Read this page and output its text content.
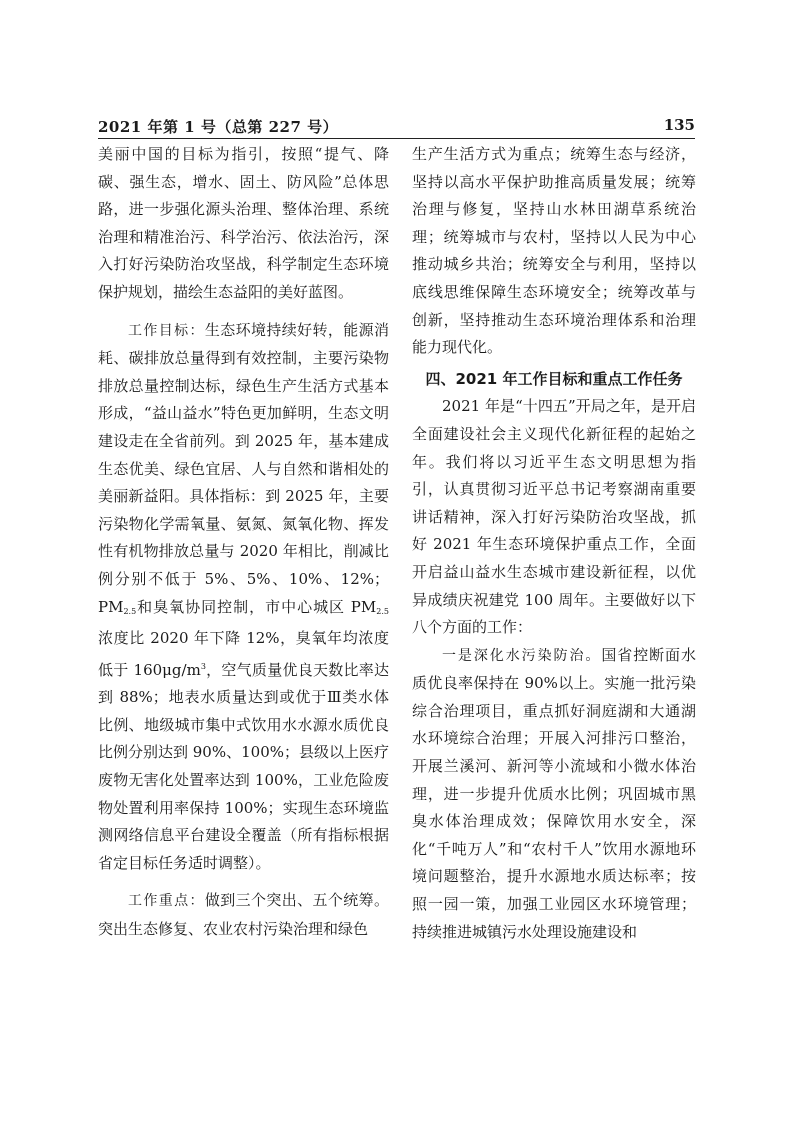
2021 年第 1 号（总第 227 号）	135

美丽中国的目标为指引，按照“提气、降碳、强生态，增水、固土、防风险”总体思路，进一步强化源头治理、整体治理、系统治理和精准治污、科学治污、依法治污，深入打好污染防治攻坚战，科学制定生态环境保护规划，描绘生态益阳的美好蓝图。

工作目标：生态环境持续好转，能源消耗、碳排放总量得到有效控制，主要污染物排放总量控制达标，绿色生产生活方式基本形成，“益山益水”特色更加鲜明，生态文明建设走在全省前列。到 2025 年，基本建成生态优美、绿色宜居、人与自然和谐相处的美丽新益阳。具体指标：到 2025 年，主要污染物化学需氧量、氨氮、氮氧化物、挥发性有机物排放总量与 2020 年相比，削减比例分别不低于 5%、5%、10%、12%；$PM_{2.5}$和臭氧协同控制，市中心城区 $PM_{2.5}$浓度比 2020 年下降 12%，臭氧年均浓度低于 $160\mu g/m^3$，空气质量优良天数比率达到 88%；地表水质量达到或优于Ⅲ类水体比例、地级城市集中式饮用水水源水质优良比例分别达到 90%、100%；县级以上医疗废物无害化处置率达到 100%，工业危险废物处置利用率保持 100%；实现生态环境监测网络信息平台建设全覆盖（所有指标根据省定目标任务适时调整）。

工作重点：做到三个突出、五个统筹。突出生态修复、农业农村污染治理和绿色

生产生活方式为重点；统筹生态与经济，坚持以高水平保护助推高质量发展；统筹治理与修复，坚持山水林田湖草系统治理；统筹城市与农村，坚持以人民为中心推动城乡共治；统筹安全与利用，坚持以底线思维保障生态环境安全；统筹改革与创新，坚持推动生态环境治理体系和治理能力现代化。

四、2021 年工作目标和重点工作任务

2021 年是“十四五”开局之年，是开启全面建设社会主义现代化新征程的起始之年。我们将以习近平生态文明思想为指引，认真贯彻习近平总书记考察湖南重要讲话精神，深入打好污染防治攻坚战，抓好 2021 年生态环境保护重点工作，全面开启益山益水生态城市建设新征程，以优异成绩庆祝建党 100 周年。主要做好以下八个方面的工作：

一是深化水污染防治。国省控断面水质优良率保持在 90%以上。实施一批污染综合治理项目，重点抓好洞庭湖和大通湖水环境综合治理；开展入河排污口整治，开展兰溪河、新河等小流域和小微水体治理，进一步提升优质水比例；巩固城市黑臭水体治理成效；保障饮用水安全，深化“千吨万人”和“农村千人”饮用水源地环境问题整治，提升水源地水质达标率；按照一园一策，加强工业园区水环境管理；持续推进城镇污水处理设施建设和
